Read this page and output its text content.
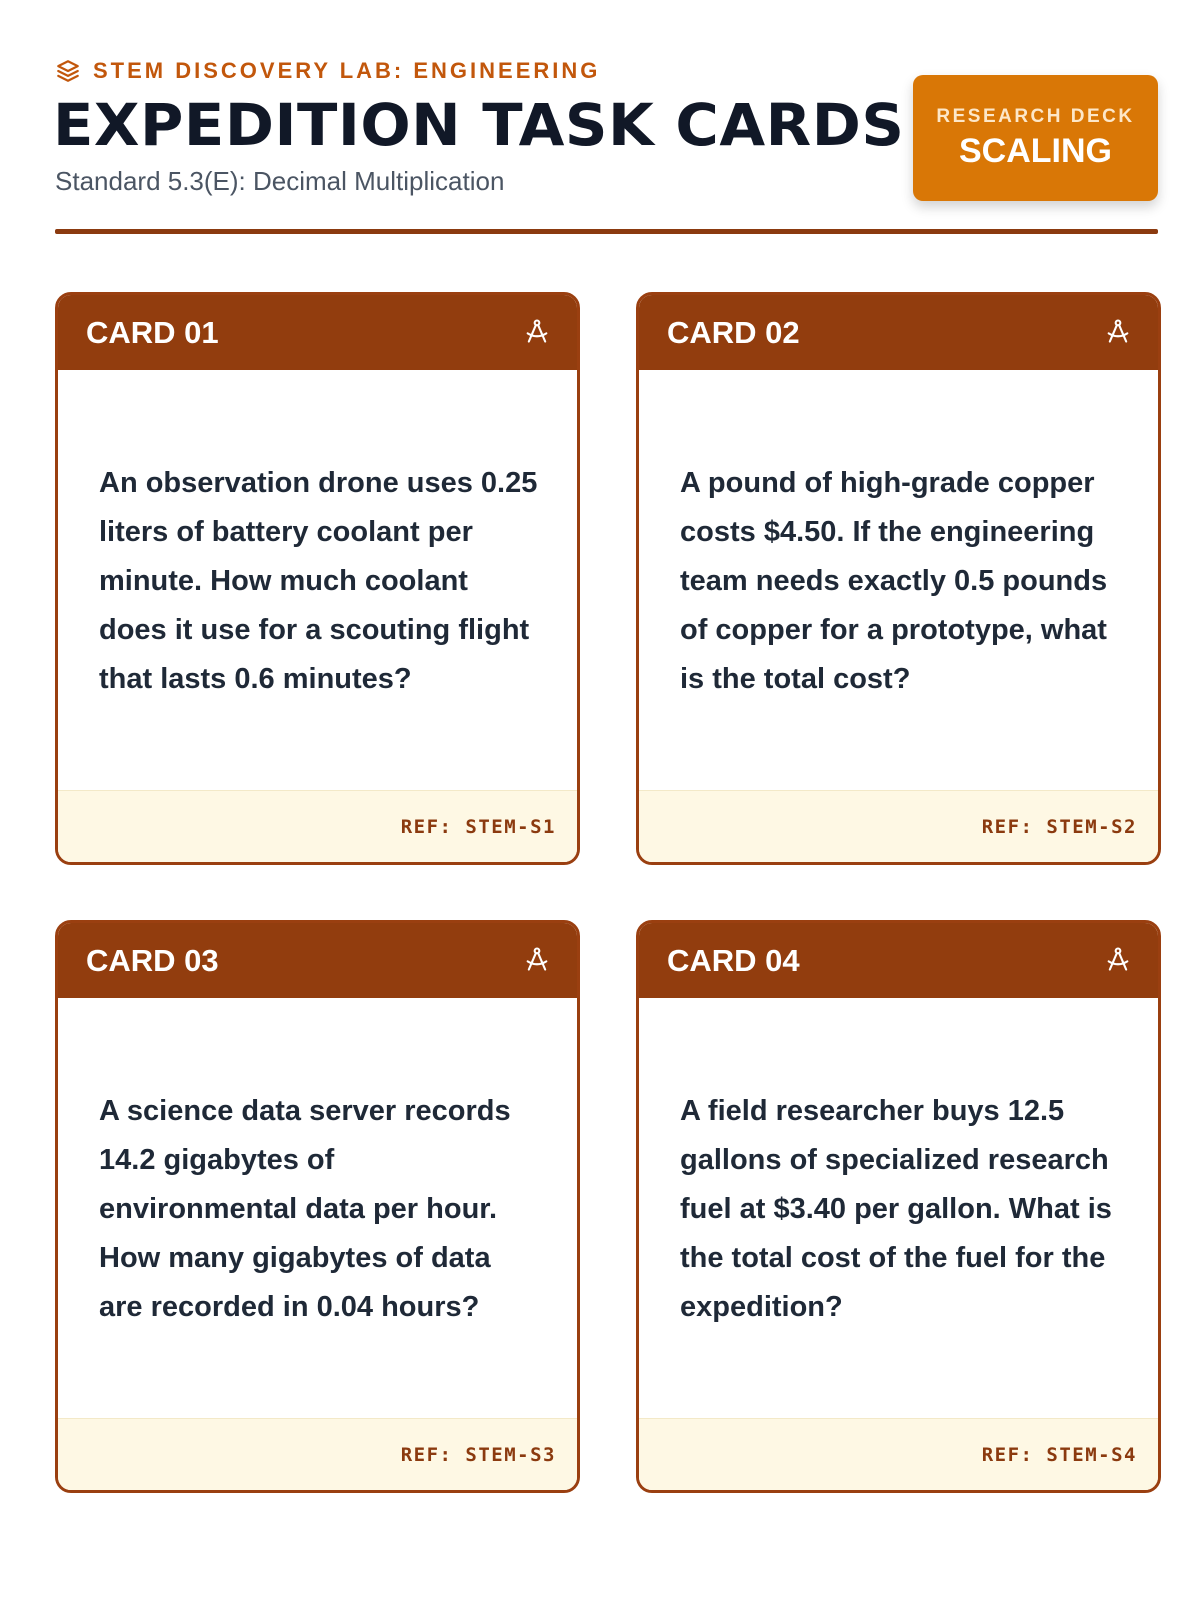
STEM DISCOVERY LAB: ENGINEERING
EXPEDITION TASK CARDS
Standard 5.3(E): Decimal Multiplication
RESEARCH DECK
SCALING
CARD 01

An observation drone uses 0.25 liters of battery coolant per minute. How much coolant does it use for a scouting flight that lasts 0.6 minutes?

REF: STEM-S1
CARD 02

A pound of high-grade copper costs $4.50. If the engineering team needs exactly 0.5 pounds of copper for a prototype, what is the total cost?

REF: STEM-S2
CARD 03

A science data server records 14.2 gigabytes of environmental data per hour. How many gigabytes of data are recorded in 0.04 hours?

REF: STEM-S3
CARD 04

A field researcher buys 12.5 gallons of specialized research fuel at $3.40 per gallon. What is the total cost of the fuel for the expedition?

REF: STEM-S4
